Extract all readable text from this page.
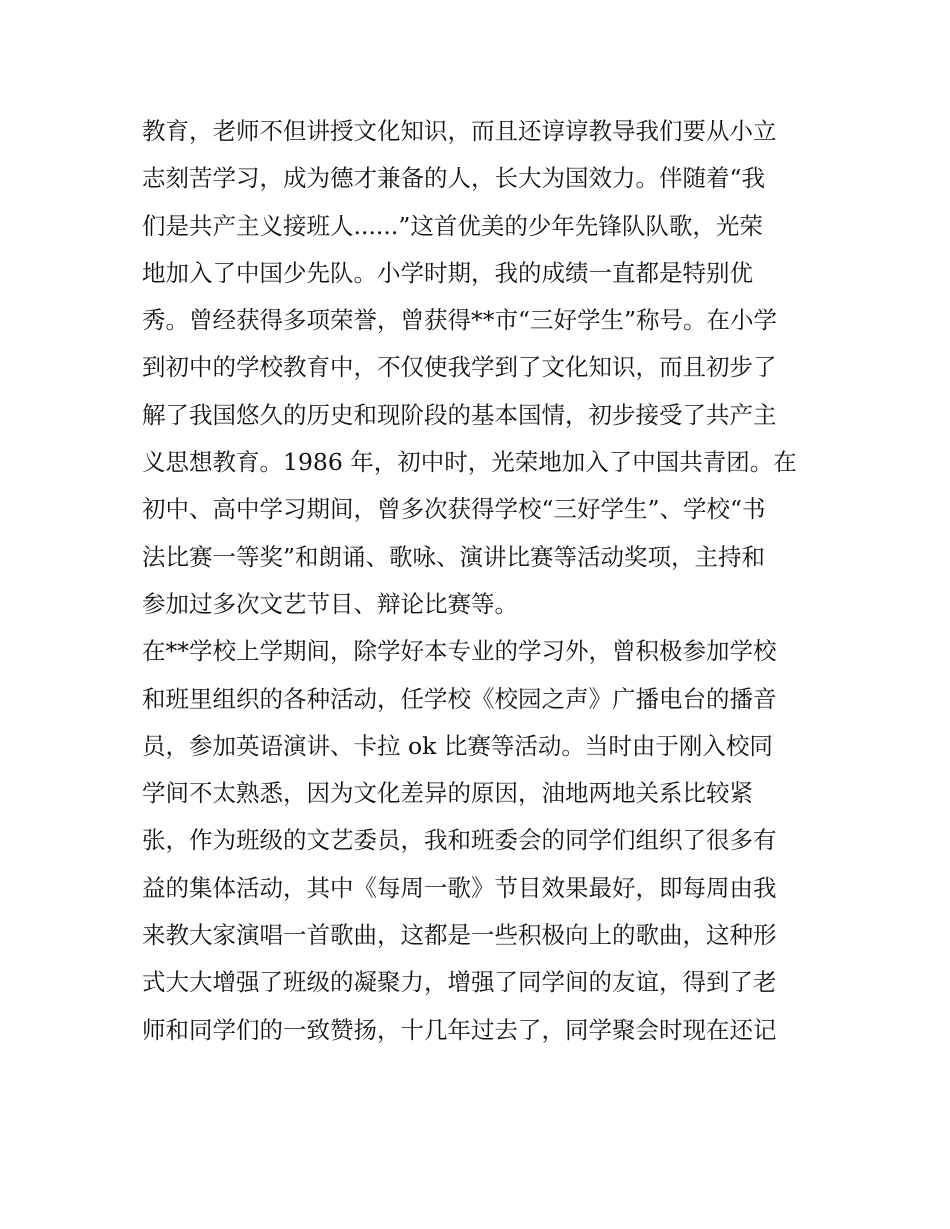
教育，老师不但讲授文化知识，而且还谆谆教导我们要从小立
志刻苦学习，成为德才兼备的人，长大为国效力。伴随着“我
们是共产主义接班人......”这首优美的少年先锋队队歌，光荣
地加入了中国少先队。小学时期，我的成绩一直都是特别优
秀。曾经获得多项荣誉，曾获得**市“三好学生”称号。在小学
到初中的学校教育中，不仅使我学到了文化知识，而且初步了
解了我国悠久的历史和现阶段的基本国情，初步接受了共产主
义思想教育。1986 年，初中时，光荣地加入了中国共青团。在
初中、高中学习期间，曾多次获得学校“三好学生”、学校“书
法比赛一等奖”和朗诵、歌咏、演讲比赛等活动奖项，主持和
参加过多次文艺节目、辩论比赛等。
在**学校上学期间，除学好本专业的学习外，曾积极参加学校
和班里组织的各种活动，任学校《校园之声》广播电台的播音
员，参加英语演讲、卡拉 ok 比赛等活动。当时由于刚入校同
学间不太熟悉，因为文化差异的原因，油地两地关系比较紧
张，作为班级的文艺委员，我和班委会的同学们组织了很多有
益的集体活动，其中《每周一歌》节目效果最好，即每周由我
来教大家演唱一首歌曲，这都是一些积极向上的歌曲，这种形
式大大增强了班级的凝聚力，增强了同学间的友谊，得到了老
师和同学们的一致赞扬，十几年过去了，同学聚会时现在还记
